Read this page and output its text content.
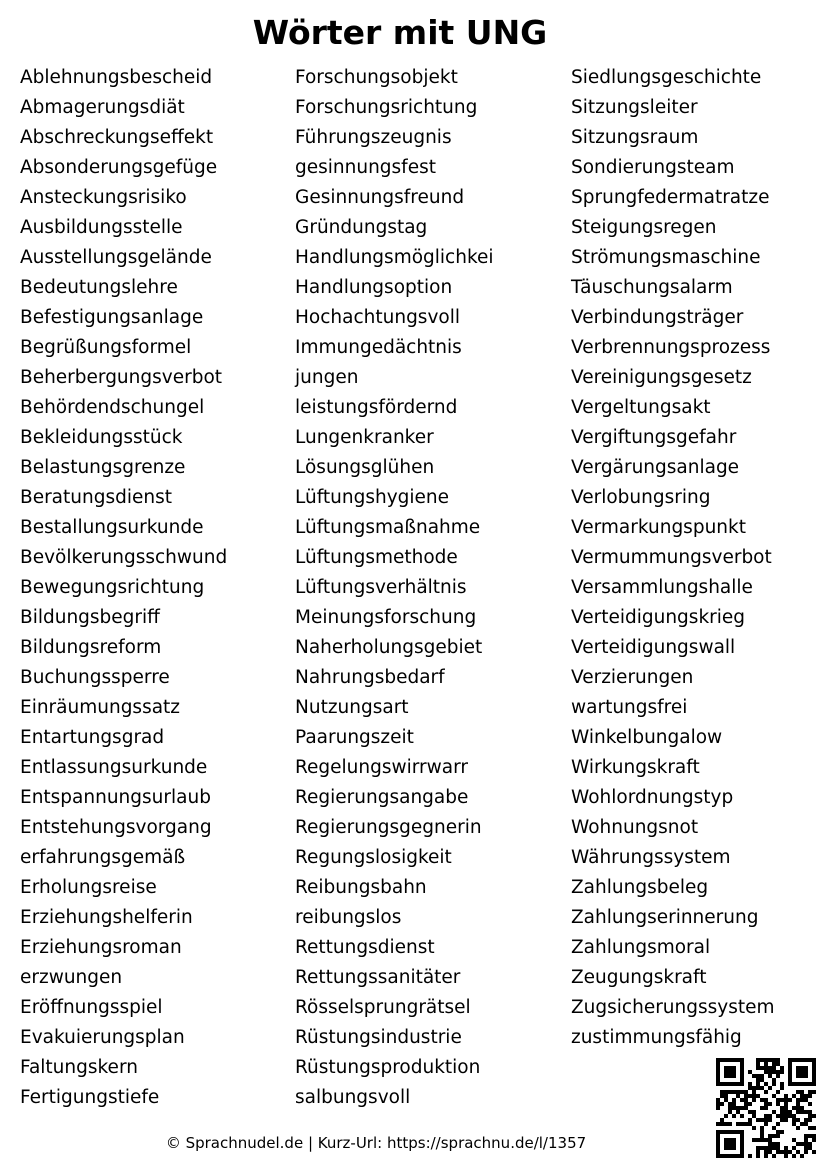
Wörter mit UNG
Ablehnungsbescheid
Abmagerungsdiät
Abschreckungseffekt
Absonderungsgefüge
Ansteckungsrisiko
Ausbildungsstelle
Ausstellungsgelände
Bedeutungslehre
Befestigungsanlage
Begrüßungsformel
Beherbergungsverbot
Behördendschungel
Bekleidungsstück
Belastungsgrenze
Beratungsdienst
Bestallungsurkunde
Bevölkerungsschwund
Bewegungsrichtung
Bildungsbegriff
Bildungsreform
Buchungssperre
Einräumungssatz
Entartungsgrad
Entlassungsurkunde
Entspannungsurlaub
Entstehungsvorgang
erfahrungsgemäß
Erholungsreise
Erziehungshelferin
Erziehungsroman
erzwungen
Eröffnungsspiel
Evakuierungsplan
Faltungskern
Fertigungstiefe
Forschungsobjekt
Forschungsrichtung
Führungszeugnis
gesinnungsfest
Gesinnungsfreund
Gründungstag
Handlungsmöglichkei
Handlungsoption
Hochachtungsvoll
Immungedächtnis
jungen
leistungsfördernd
Lungenkranker
Lösungsglühen
Lüftungshygiene
Lüftungsmaßnahme
Lüftungsmethode
Lüftungsverhältnis
Meinungsforschung
Naherholungsgebiet
Nahrungsbedarf
Nutzungsart
Paarungszeit
Regelungswirrwarr
Regierungsangabe
Regierungsgegnerin
Regungslosigkeit
Reibungsbahn
reibungslos
Rettungsdienst
Rettungssanitäter
Rösselsprungrätsel
Rüstungsindustrie
Rüstungsproduktion
salbungsvoll
Siedlungsgeschichte
Sitzungsleiter
Sitzungsraum
Sondierungsteam
Sprungfedermatratze
Steigungsregen
Strömungsmaschine
Täuschungsalarm
Verbindungsträger
Verbrennungsprozess
Vereinigungsgesetz
Vergeltungsakt
Vergiftungsgefahr
Vergärungsanlage
Verlobungsring
Vermarkungspunkt
Vermummungsverbot
Versammlungshalle
Verteidigungskrieg
Verteidigungswall
Verzierungen
wartungsfrei
Winkelbungalow
Wirkungskraft
Wohlordnungstyp
Wohnungsnot
Währungssystem
Zahlungsbeleg
Zahlungserinnerung
Zahlungsmoral
Zeugungskraft
Zugsicherungssystem
zustimmungsfähig
© Sprachnudel.de | Kurz-Url: https://sprachnu.de/l/1357
